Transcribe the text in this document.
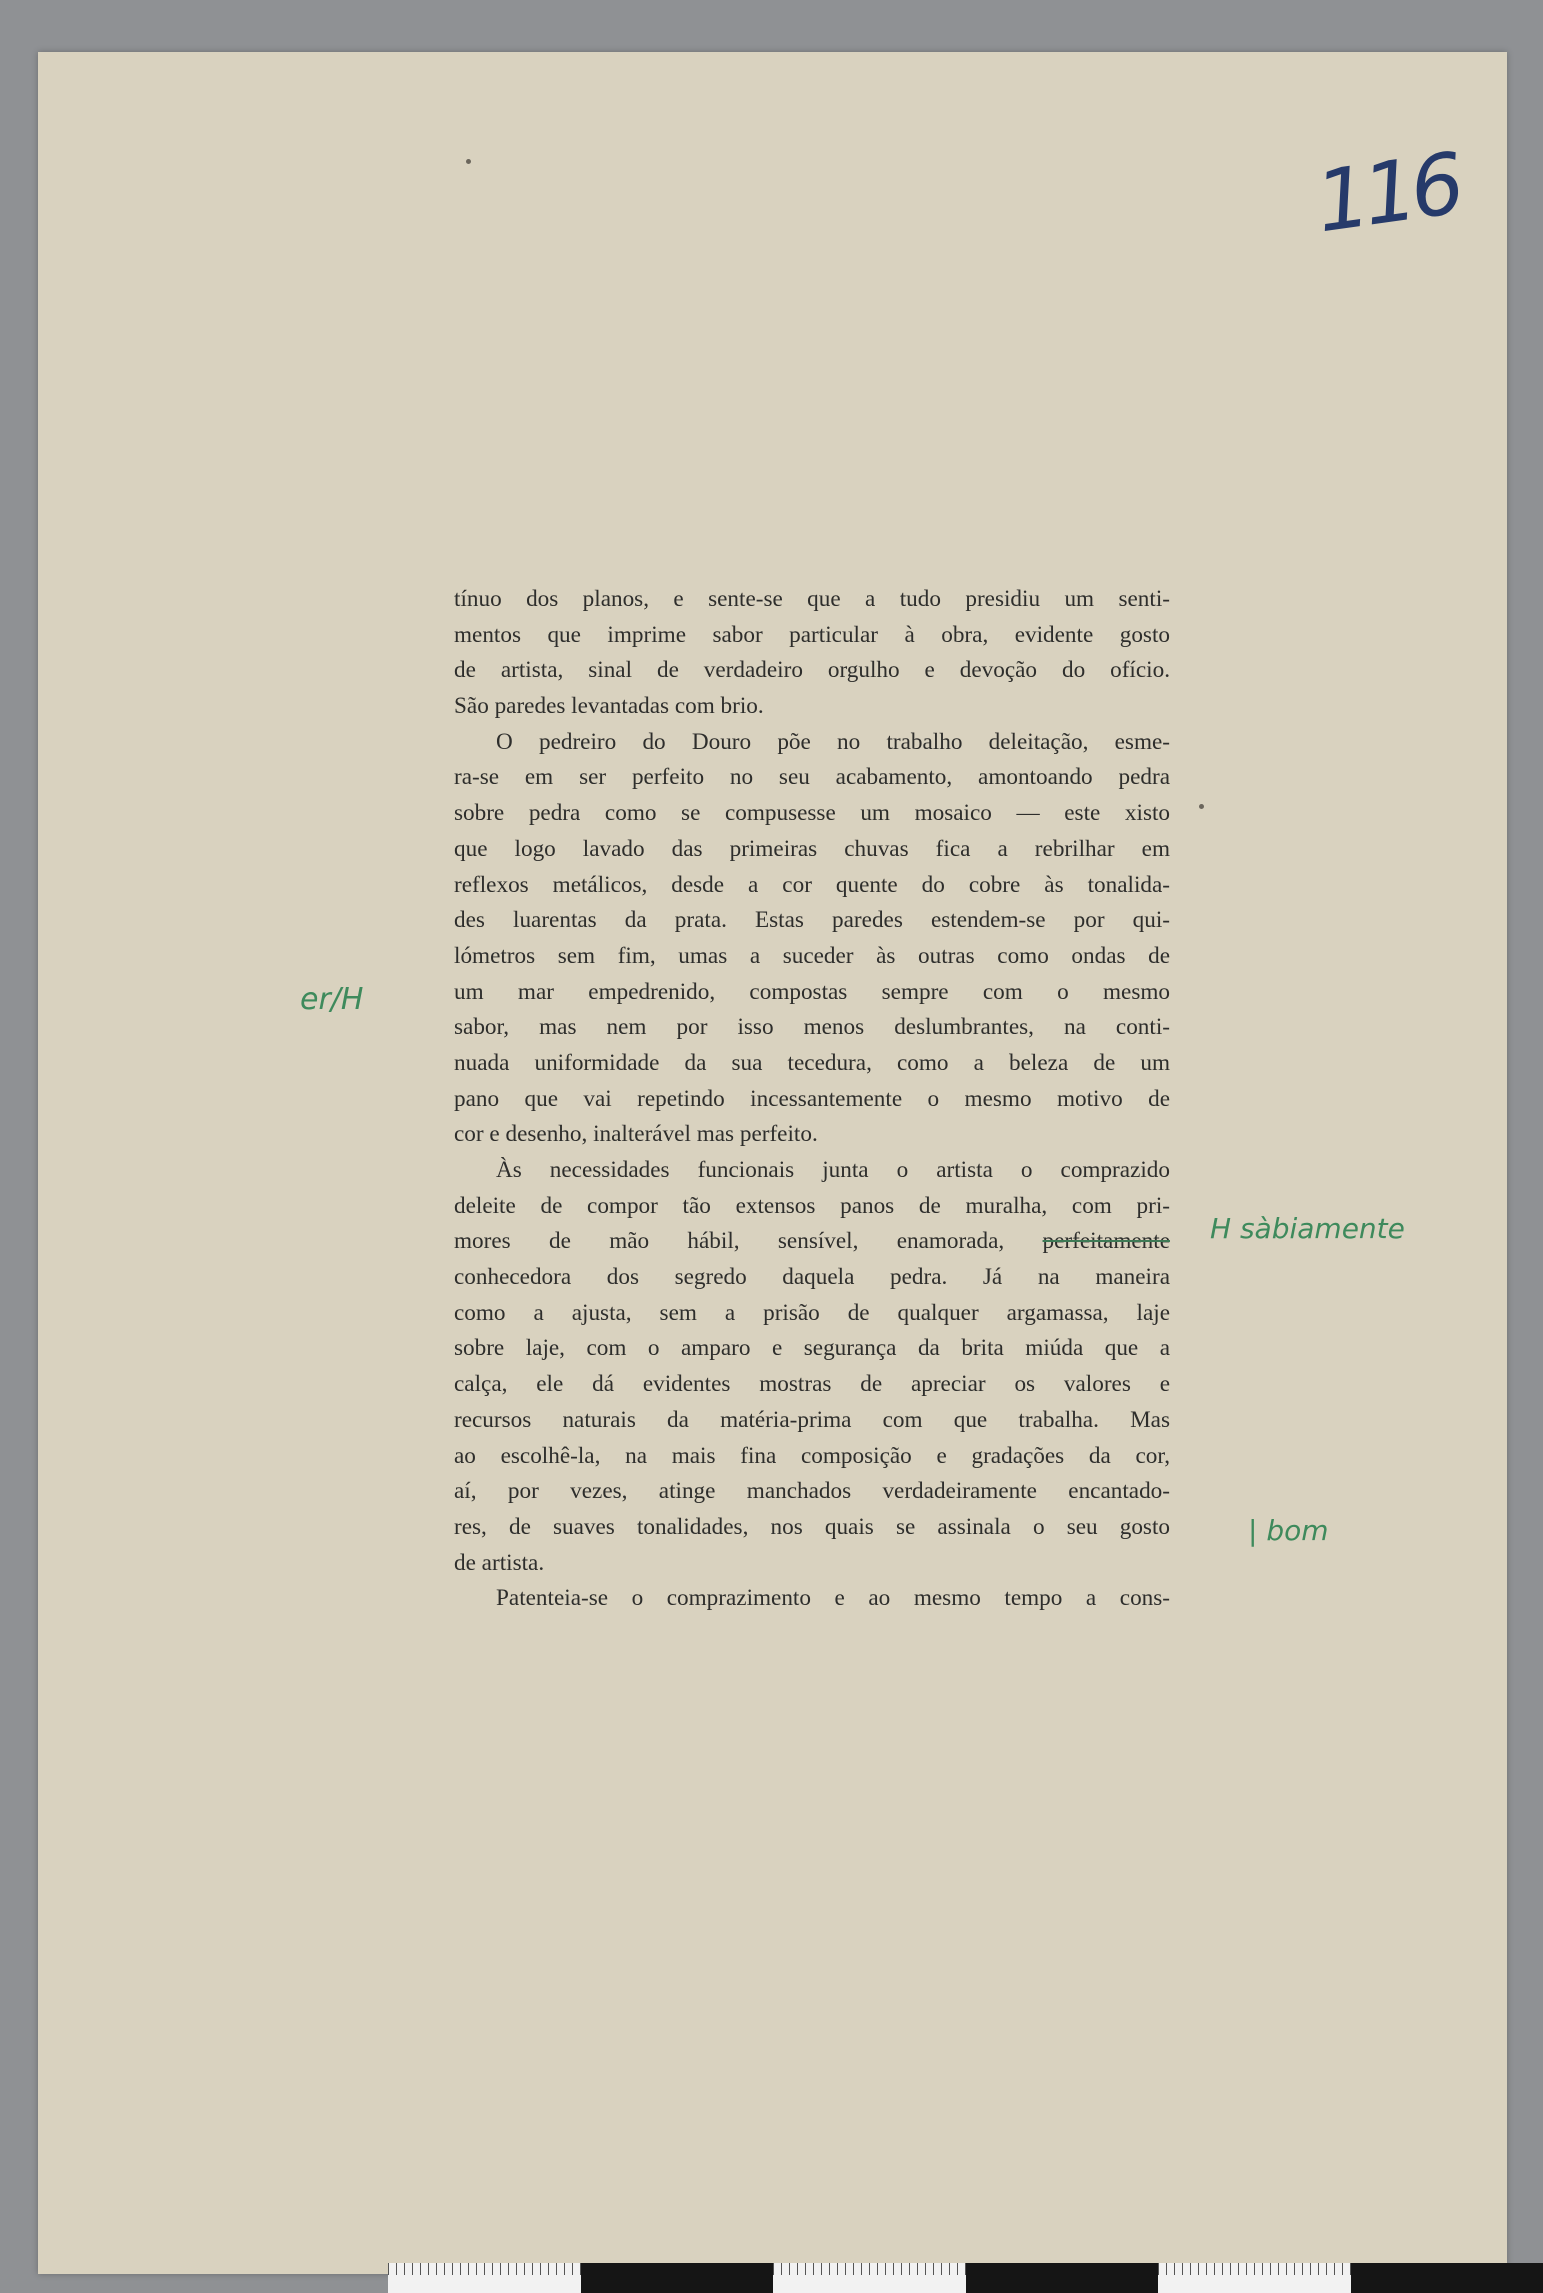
116
tínuo dos planos, e sente-se que a tudo presidiu um senti-
mentos que imprime sabor particular à obra, evidente gosto
de artista, sinal de verdadeiro orgulho e devoção do ofício.
São paredes levantadas com brio.
O pedreiro do Douro põe no trabalho deleitação, esme-
ra-se em ser perfeito no seu acabamento, amontoando pedra
sobre pedra como se compusesse um mosaico — este xisto
que logo lavado das primeiras chuvas fica a rebrilhar em
reflexos metálicos, desde a cor quente do cobre às tonalida-
des luarentas da prata. Estas paredes estendem-se por qui-
lómetros sem fim, umas a suceder às outras como ondas de
um mar empedrenido, compostas sempre com o mesmo
sabor, mas nem por isso menos deslumbrantes, na conti-
nuada uniformidade da sua tecedura, como a beleza de um
pano que vai repetindo incessantemente o mesmo motivo de
cor e desenho, inalterável mas perfeito.
Às necessidades funcionais junta o artista o comprazido
deleite de compor tão extensos panos de muralha, com pri-
mores de mão hábil, sensível, enamorada, perfeitamente
conhecedora dos segredo daquela pedra. Já na maneira
como a ajusta, sem a prisão de qualquer argamassa, laje
sobre laje, com o amparo e segurança da brita miúda que a
calça, ele dá evidentes mostras de apreciar os valores e
recursos naturais da matéria-prima com que trabalha. Mas
ao escolhê-la, na mais fina composição e gradações da cor,
aí, por vezes, atinge manchados verdadeiramente encantado-
res, de suaves tonalidades, nos quais se assinala o seu gosto
de artista.
Patenteia-se o comprazimento e ao mesmo tempo a cons-
er/H
H sàbiamente
| bom
